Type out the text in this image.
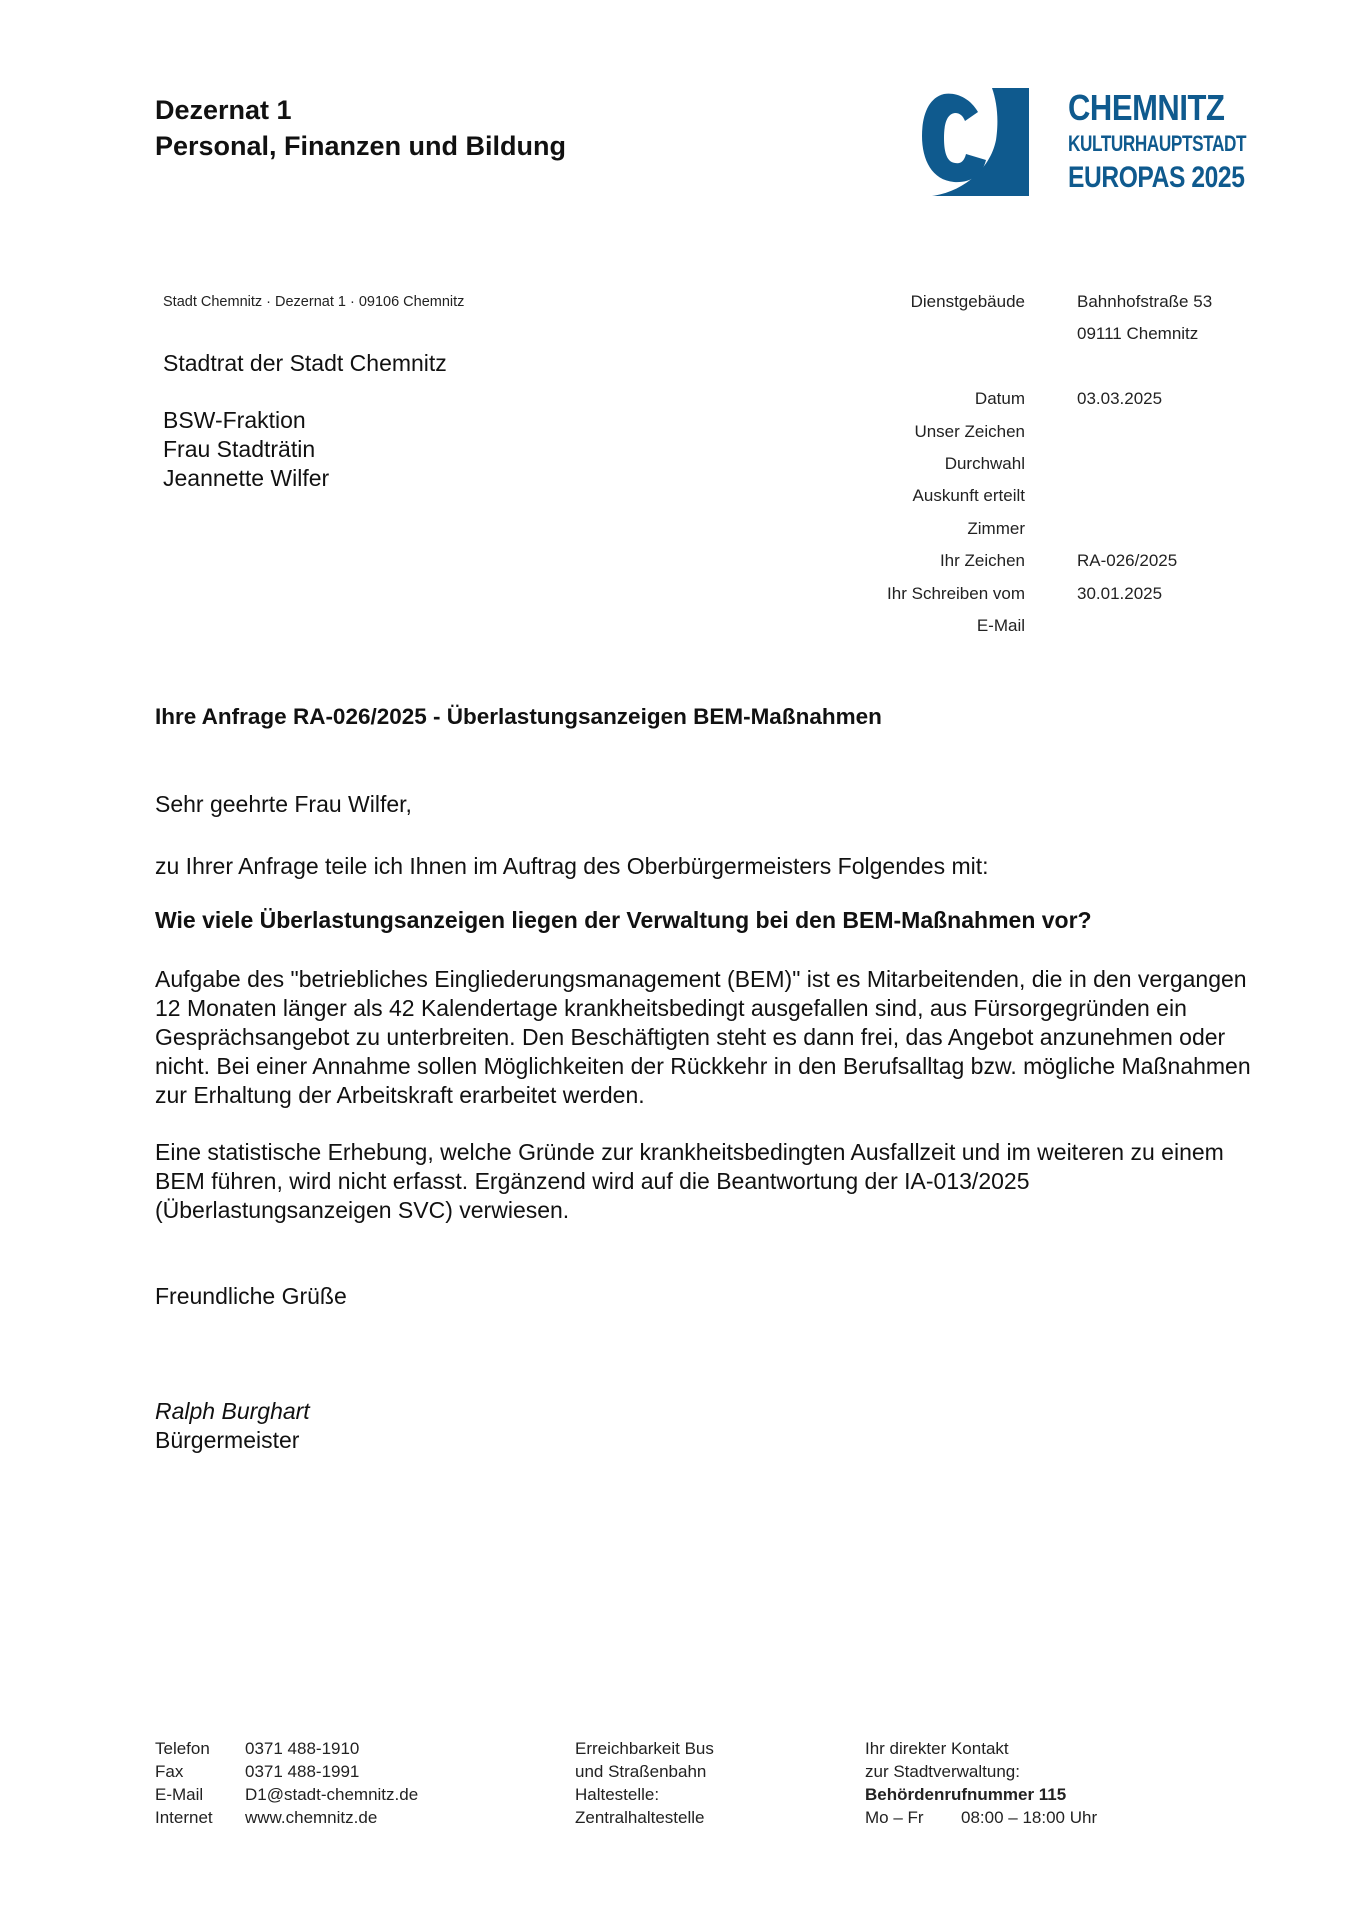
Dezernat 1
Personal, Finanzen und Bildung
CHEMNITZ
KULTURHAUPTSTADT
EUROPAS 2025
Stadt Chemnitz · Dezernat 1 · 09106 Chemnitz
Stadtrat der Stadt Chemnitz
BSW-Fraktion
Frau Stadträtin
Jeannette Wilfer
Dienstgebäude	Bahnhofstraße 53
	09111 Chemnitz

Datum	03.03.2025
Unser Zeichen	
Durchwahl	
Auskunft erteilt	
Zimmer	
Ihr Zeichen	RA-026/2025
Ihr Schreiben vom	30.01.2025
E-Mail	
Ihre Anfrage RA-026/2025 - Überlastungsanzeigen BEM-Maßnahmen

Sehr geehrte Frau Wilfer,

zu Ihrer Anfrage teile ich Ihnen im Auftrag des Oberbürgermeisters Folgendes mit:

Wie viele Überlastungsanzeigen liegen der Verwaltung bei den BEM-Maßnahmen vor?

Aufgabe des "betriebliches Eingliederungsmanagement (BEM)" ist es Mitarbeitenden, die in den vergangen 12 Monaten länger als 42 Kalendertage krankheitsbedingt ausgefallen sind, aus Fürsorgegründen ein Gesprächsangebot zu unterbreiten. Den Beschäftigten steht es dann frei, das Angebot anzunehmen oder nicht. Bei einer Annahme sollen Möglichkeiten der Rückkehr in den Berufsalltag bzw. mögliche Maßnahmen zur Erhaltung der Arbeitskraft erarbeitet werden.

Eine statistische Erhebung, welche Gründe zur krankheitsbedingten Ausfallzeit und im weiteren zu einem BEM führen, wird nicht erfasst. Ergänzend wird auf die Beantwortung der IA-013/2025 (Überlastungsanzeigen SVC) verwiesen.

Freundliche Grüße

Ralph Burghart

Bürgermeister

Telefon	0371 488-1910
Fax	0371 488-1991
E-Mail	D1@stadt-chemnitz.de
Internet	www.chemnitz.de
Erreichbarkeit Bus
und Straßenbahn
Haltestelle:
Zentralhaltestelle
Ihr direkter Kontakt
zur Stadtverwaltung:
Behördenrufnummer 115
Mo – Fr 08:00 – 18:00 Uhr
